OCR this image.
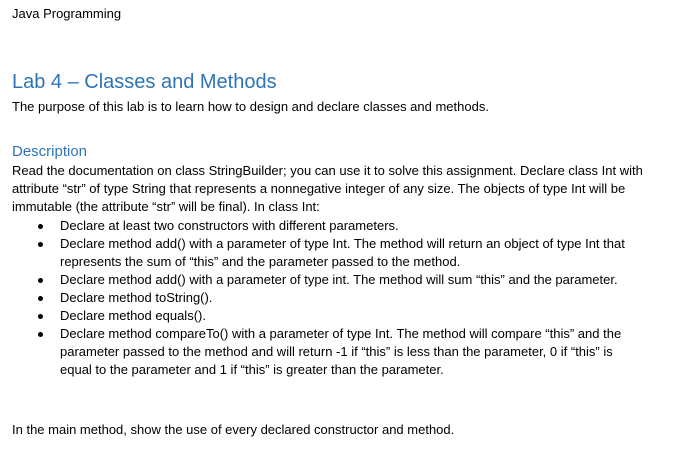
Java Programming
Lab 4 – Classes and Methods
The purpose of this lab is to learn how to design and declare classes and methods.
Description
Read the documentation on class StringBuilder; you can use it to solve this assignment. Declare class Int with attribute “str” of type String that represents a nonnegative integer of any size. The objects of type Int will be immutable (the attribute “str” will be final). In class Int:
Declare at least two constructors with different parameters.
Declare method add() with a parameter of type Int. The method will return an object of type Int that represents the sum of “this” and the parameter passed to the method.
Declare method add() with a parameter of type int. The method will sum “this” and the parameter.
Declare method toString().
Declare method equals().
Declare method compareTo() with a parameter of type Int. The method will compare “this” and the parameter passed to the method and will return -1 if “this” is less than the parameter, 0 if “this” is equal to the parameter and 1 if “this” is greater than the parameter.
In the main method, show the use of every declared constructor and method.
